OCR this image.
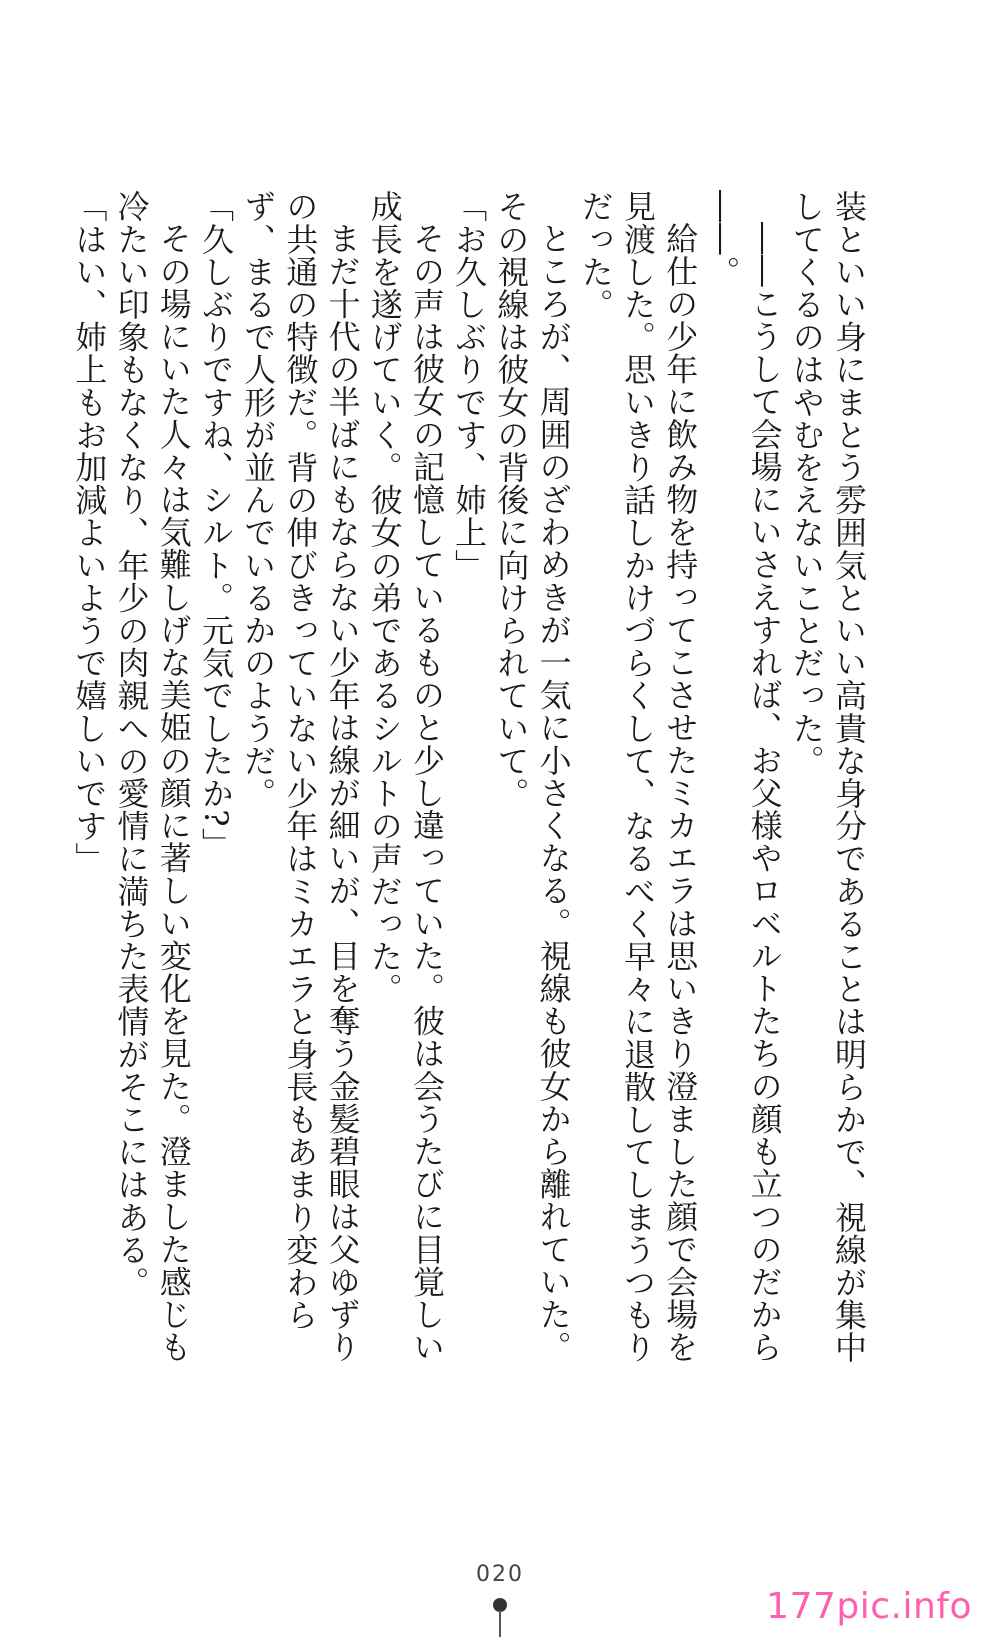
装といい身にまとう雰囲気といい高貴な身分であることは明らかで、視線が集中してくるのはやむをえないことだった。

――こうして会場にいさえすれば、お父様やロベルトたちの顔も立つのだから――。

給仕の少年に飲み物を持ってこさせたミカエラは思いきり澄ました顔で会場を見渡した。思いきり話しかけづらくして、なるべく早々に退散してしまうつもりだった。

ところが、周囲のざわめきが一気に小さくなる。視線も彼女から離れていた。その視線は彼女の背後に向けられていて。

「お久しぶりです、姉上」

その声は彼女の記憶しているものと少し違っていた。彼は会うたびに目覚しい成長を遂げていく。彼女の弟であるシルトの声だった。

まだ十代の半ばにもならない少年は線が細いが、目を奪う金髪碧眼は父ゆずりの共通の特徴だ。背の伸びきっていない少年はミカエラと身長もあまり変わらず、まるで人形が並んでいるかのようだ。

「久しぶりですね、シルト。元気でしたか?」

その場にいた人々は気難しげな美姫の顔に著しい変化を見た。澄ました感じも冷たい印象もなくなり、年少の肉親への愛情に満ちた表情がそこにはある。

「はい、姉上もお加減よいようで嬉しいです」

020
177pic.info
